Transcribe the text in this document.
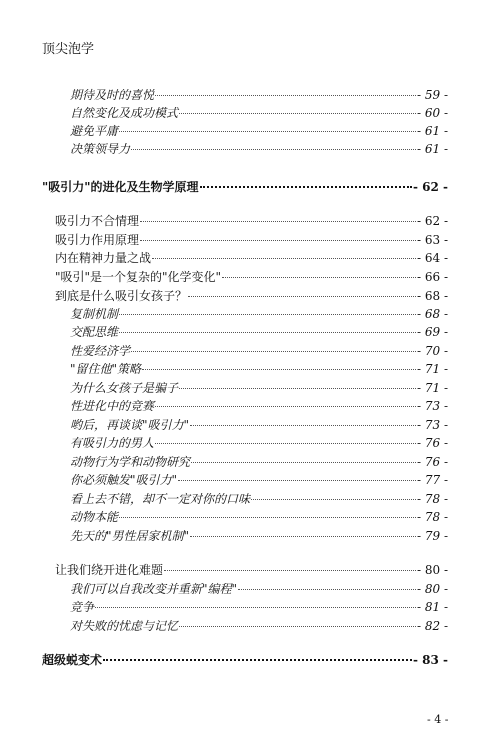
顶尖泡学
期待及时的喜悦	- 59 -
自然变化及成功模式	- 60 -
避免平庸	- 61 -
决策领导力	- 61 -
"吸引力"的进化及生物学原理	- 62 -
吸引力不合情理	- 62 -
吸引力作用原理	- 63 -
内在精神力量之战	- 64 -
"吸引"是一个复杂的"化学变化"	- 66 -
到底是什么吸引女孩子？	- 68 -
复制机制	- 68 -
交配思维	- 69 -
性爱经济学	- 70 -
"留住他"策略	- 71 -
为什么女孩子是骗子	- 71 -
性进化中的竞赛	- 73 -
哟后，再谈谈"吸引力"	- 73 -
有吸引力的男人	- 76 -
动物行为学和动物研究	- 76 -
你必须触发"吸引力"	- 77 -
看上去不错，却不一定对你的口味	- 78 -
动物本能	- 78 -
先天的"男性居家机制"	- 79 -
让我们绕开进化难题	- 80 -
我们可以自我改变并重新"编程"	- 80 -
竞争	- 81 -
对失败的忧虑与记忆	- 82 -
超级蜕变术	- 83 -
- 4 -
